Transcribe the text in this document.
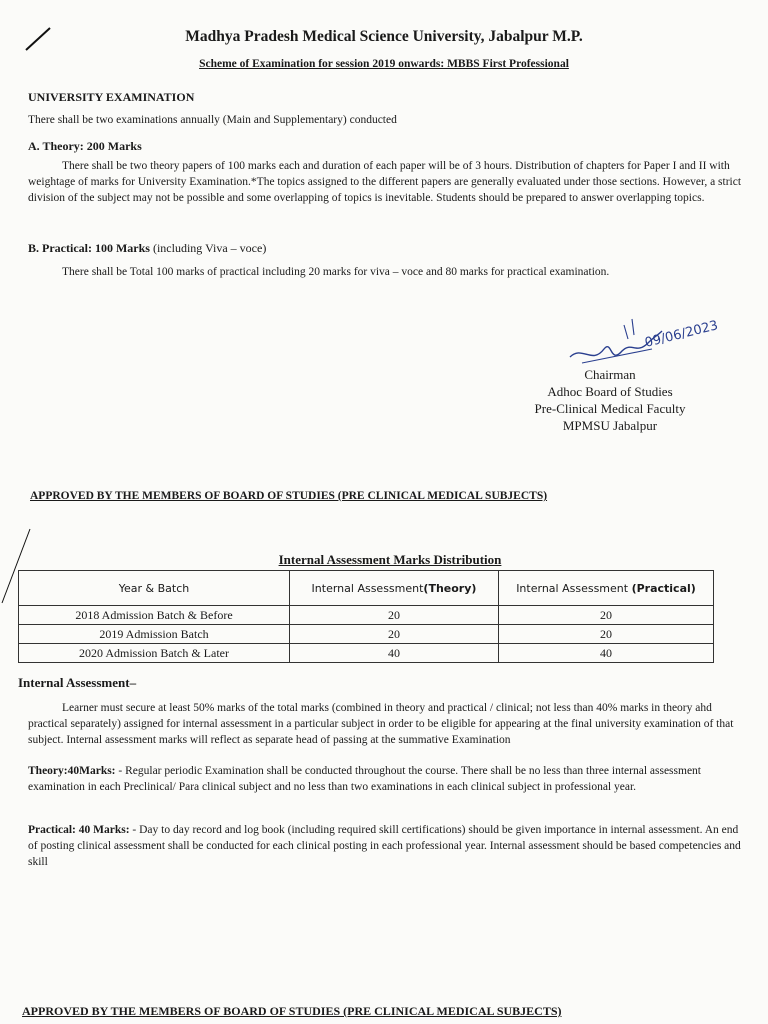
Madhya Pradesh Medical Science University, Jabalpur M.P.
Scheme of Examination for session 2019 onwards: MBBS First Professional
UNIVERSITY EXAMINATION
There shall be two examinations annually (Main and Supplementary) conducted
A. Theory: 200 Marks
There shall be two theory papers of 100 marks each and duration of each paper will be of 3 hours. Distribution of chapters for Paper I and II with weightage of marks for University Examination.*The topics assigned to the different papers are generally evaluated under those sections. However, a strict division of the subject may not be possible and some overlapping of topics is inevitable. Students should be prepared to answer overlapping topics.
B. Practical: 100 Marks (including Viva – voce)
There shall be Total 100 marks of practical including 20 marks for viva – voce and 80 marks for practical examination.
09/06/2023
Chairman
Adhoc Board of Studies
Pre-Clinical Medical Faculty
MPMSU Jabalpur
APPROVED BY THE MEMBERS OF BOARD OF STUDIES (PRE CLINICAL MEDICAL SUBJECTS)
Internal Assessment Marks Distribution
Year & Batch	Internal Assessment(Theory)	Internal Assessment (Practical)
2018 Admission Batch & Before	20	20
2019 Admission Batch	20	20
2020 Admission Batch & Later	40	40
Internal Assessment–
Learner must secure at least 50% marks of the total marks (combined in theory and practical / clinical; not less than 40% marks in theory ahd practical separately) assigned for internal assessment in a particular subject in order to be eligible for appearing at the final university examination of that subject. Internal assessment marks will reflect as separate head of passing at the summative Examination
Theory:40Marks: - Regular periodic Examination shall be conducted throughout the course. There shall be no less than three internal assessment examination in each Preclinical/ Para clinical subject and no less than two examinations in each clinical subject in professional year.
Practical: 40 Marks: - Day to day record and log book (including required skill certifications) should be given importance in internal assessment. An end of posting clinical assessment shall be conducted for each clinical posting in each professional year. Internal assessment should be based competencies and skill
APPROVED BY THE MEMBERS OF BOARD OF STUDIES (PRE CLINICAL MEDICAL SUBJECTS)
